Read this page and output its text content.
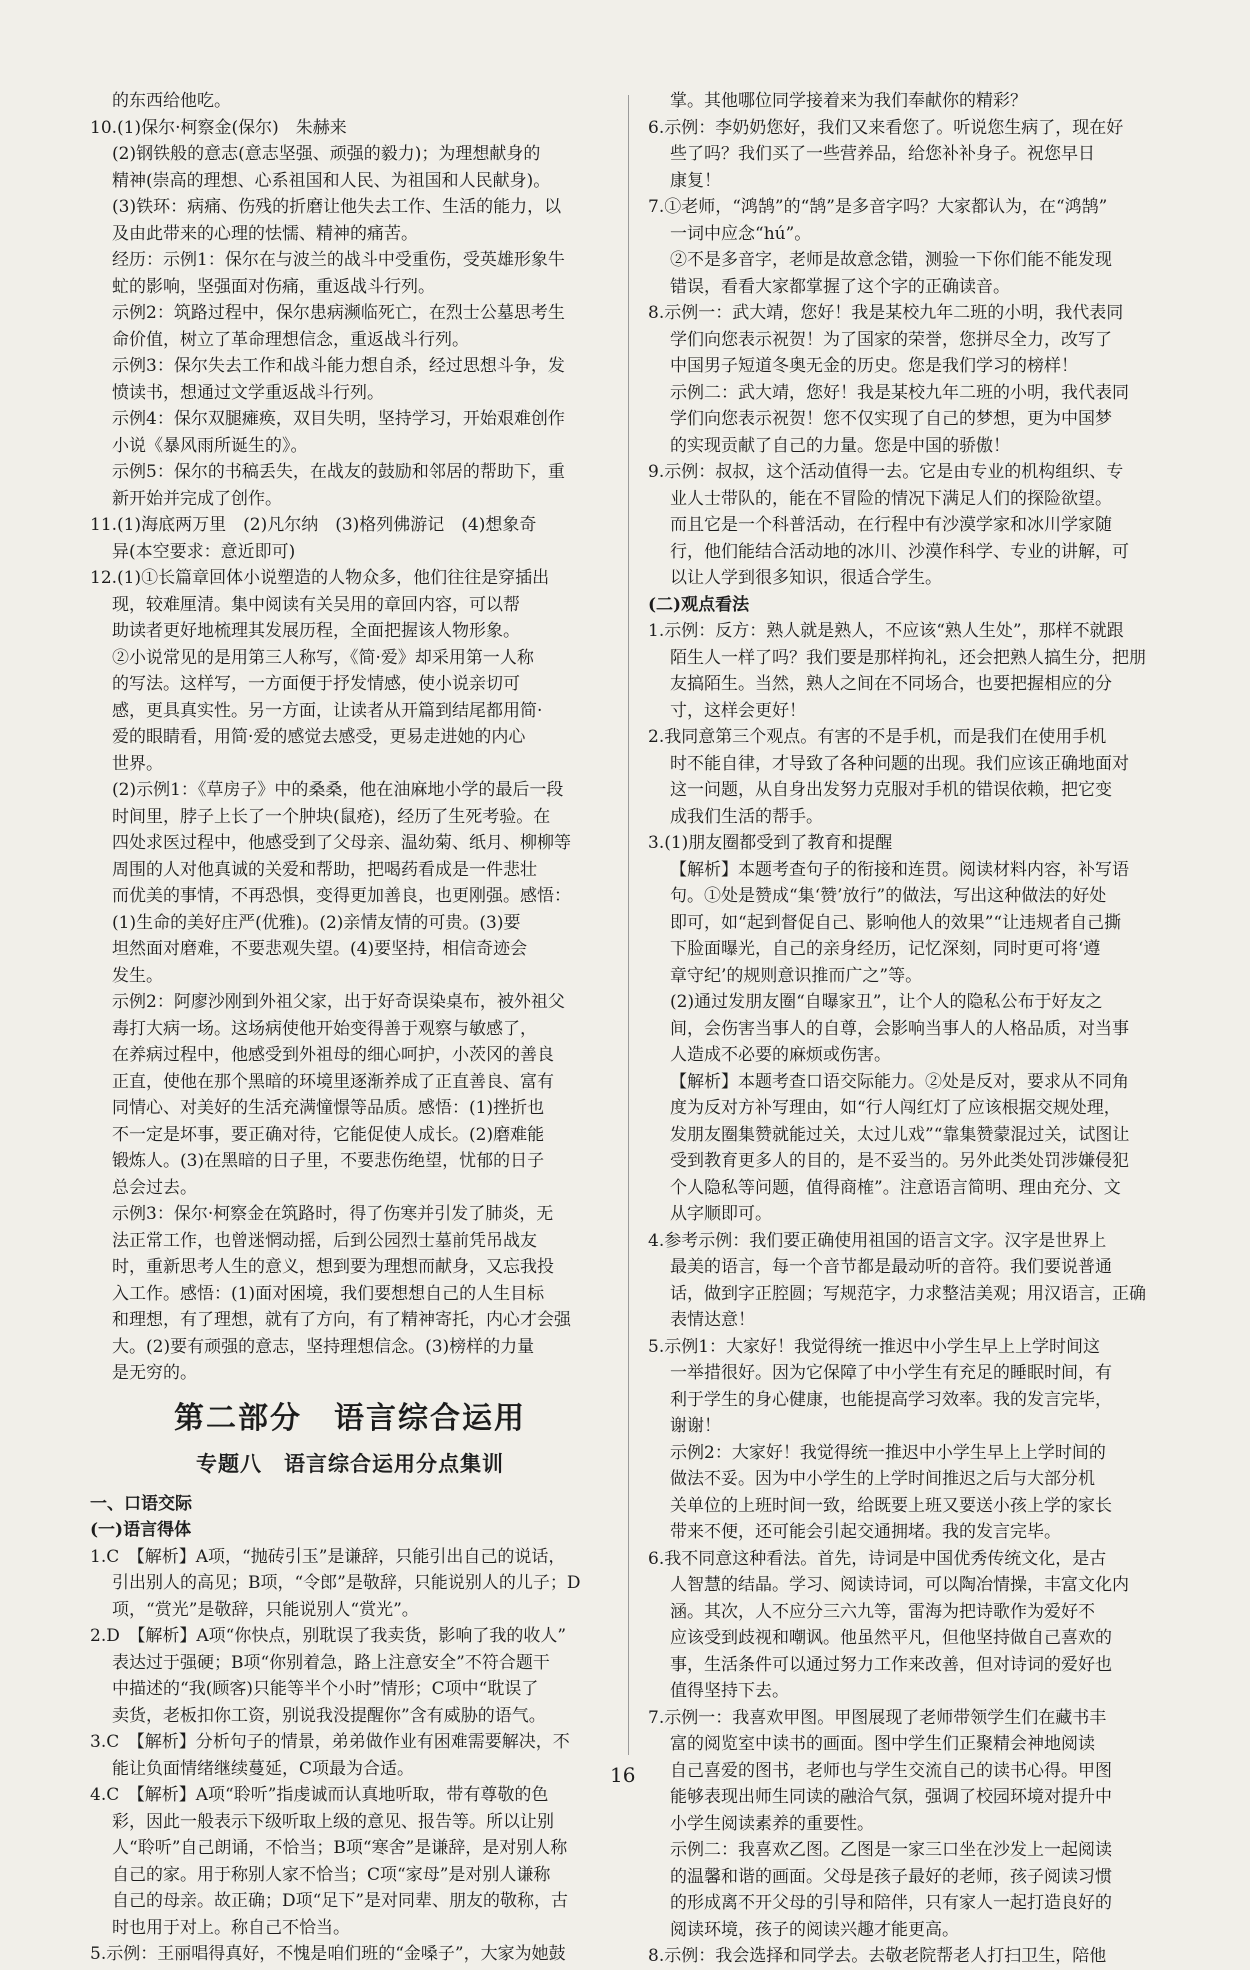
的东西给他吃。
10.(1)保尔·柯察金(保尔)　朱赫来
(2)钢铁般的意志(意志坚强、顽强的毅力)；为理想献身的
精神(崇高的理想、心系祖国和人民、为祖国和人民献身)。
(3)铁环：病痛、伤残的折磨让他失去工作、生活的能力，以
及由此带来的心理的怯懦、精神的痛苦。
经历：示例1：保尔在与波兰的战斗中受重伤，受英雄形象牛
虻的影响，坚强面对伤痛，重返战斗行列。
示例2：筑路过程中，保尔患病濒临死亡，在烈士公墓思考生
命价值，树立了革命理想信念，重返战斗行列。
示例3：保尔失去工作和战斗能力想自杀，经过思想斗争，发
愤读书，想通过文学重返战斗行列。
示例4：保尔双腿瘫痪，双目失明，坚持学习，开始艰难创作
小说《暴风雨所诞生的》。
示例5：保尔的书稿丢失，在战友的鼓励和邻居的帮助下，重
新开始并完成了创作。
11.(1)海底两万里　(2)凡尔纳　(3)格列佛游记　(4)想象奇
异(本空要求：意近即可)
12.(1)①长篇章回体小说塑造的人物众多，他们往往是穿插出
现，较难厘清。集中阅读有关吴用的章回内容，可以帮
助读者更好地梳理其发展历程，全面把握该人物形象。
②小说常见的是用第三人称写，《简·爱》却采用第一人称
的写法。这样写，一方面便于抒发情感，使小说亲切可
感，更具真实性。另一方面，让读者从开篇到结尾都用简·
爱的眼睛看，用简·爱的感觉去感受，更易走进她的内心
世界。
(2)示例1：《草房子》中的桑桑，他在油麻地小学的最后一段
时间里，脖子上长了一个肿块(鼠疮)，经历了生死考验。在
四处求医过程中，他感受到了父母亲、温幼菊、纸月、柳柳等
周围的人对他真诚的关爱和帮助，把喝药看成是一件悲壮
而优美的事情，不再恐惧，变得更加善良，也更刚强。感悟：
(1)生命的美好庄严(优雅)。(2)亲情友情的可贵。(3)要
坦然面对磨难，不要悲观失望。(4)要坚持，相信奇迹会
发生。
示例2：阿廖沙刚到外祖父家，出于好奇误染桌布，被外祖父
毒打大病一场。这场病使他开始变得善于观察与敏感了，
在养病过程中，他感受到外祖母的细心呵护，小茨冈的善良
正直，使他在那个黑暗的环境里逐渐养成了正直善良、富有
同情心、对美好的生活充满憧憬等品质。感悟：(1)挫折也
不一定是坏事，要正确对待，它能促使人成长。(2)磨难能
锻炼人。(3)在黑暗的日子里，不要悲伤绝望，忧郁的日子
总会过去。
示例3：保尔·柯察金在筑路时，得了伤寒并引发了肺炎，无
法正常工作，也曾迷惘动摇，后到公园烈士墓前凭吊战友
时，重新思考人生的意义，想到要为理想而献身，又忘我投
入工作。感悟：(1)面对困境，我们要想想自己的人生目标
和理想，有了理想，就有了方向，有了精神寄托，内心才会强
大。(2)要有顽强的意志，坚持理想信念。(3)榜样的力量
是无穷的。
第二部分　语言综合运用
专题八　语言综合运用分点集训
一、口语交际
(一)语言得体
1.C　【解析】A项，“抛砖引玉”是谦辞，只能引出自己的说话，
引出别人的高见；B项，“令郎”是敬辞，只能说别人的儿子；D
项，“赏光”是敬辞，只能说别人“赏光”。
2.D　【解析】A项“你快点，别耽误了我卖货，影响了我的收人”
表达过于强硬；B项“你别着急，路上注意安全”不符合题干
中描述的“我(顾客)只能等半个小时”情形；C项中“耽误了
卖货，老板扣你工资，别说我没提醒你”含有威胁的语气。
3.C　【解析】分析句子的情景，弟弟做作业有困难需要解决，不
能让负面情绪继续蔓延，C项最为合适。
4.C　【解析】A项“聆听”指虔诚而认真地听取，带有尊敬的色
彩，因此一般表示下级听取上级的意见、报告等。所以让别
人“聆听”自己朗诵，不恰当；B项“寒舍”是谦辞，是对别人称
自己的家。用于称别人家不恰当；C项“家母”是对别人谦称
自己的母亲。故正确；D项“足下”是对同辈、朋友的敬称，古
时也用于对上。称自己不恰当。
5.示例：王丽唱得真好，不愧是咱们班的“金嗓子”，大家为她鼓
掌。其他哪位同学接着来为我们奉献你的精彩？
6.示例：李奶奶您好，我们又来看您了。听说您生病了，现在好
些了吗？我们买了一些营养品，给您补补身子。祝您早日
康复！
7.①老师，“鸿鹄”的“鹄”是多音字吗？大家都认为，在“鸿鹄”
一词中应念“hú”。
②不是多音字，老师是故意念错，测验一下你们能不能发现
错误，看看大家都掌握了这个字的正确读音。
8.示例一：武大靖，您好！我是某校九年二班的小明，我代表同
学们向您表示祝贺！为了国家的荣誉，您拼尽全力，改写了
中国男子短道冬奥无金的历史。您是我们学习的榜样！
示例二：武大靖，您好！我是某校九年二班的小明，我代表同
学们向您表示祝贺！您不仅实现了自己的梦想，更为中国梦
的实现贡献了自己的力量。您是中国的骄傲！
9.示例：叔叔，这个活动值得一去。它是由专业的机构组织、专
业人士带队的，能在不冒险的情况下满足人们的探险欲望。
而且它是一个科普活动，在行程中有沙漠学家和冰川学家随
行，他们能结合活动地的冰川、沙漠作科学、专业的讲解，可
以让人学到很多知识，很适合学生。
(二)观点看法
1.示例：反方：熟人就是熟人，不应该“熟人生处”，那样不就跟
陌生人一样了吗？我们要是那样拘礼，还会把熟人搞生分，把朋
友搞陌生。当然，熟人之间在不同场合，也要把握相应的分
寸，这样会更好！
2.我同意第三个观点。有害的不是手机，而是我们在使用手机
时不能自律，才导致了各种问题的出现。我们应该正确地面对
这一问题，从自身出发努力克服对手机的错误依赖，把它变
成我们生活的帮手。
3.(1)朋友圈都受到了教育和提醒
【解析】本题考查句子的衔接和连贯。阅读材料内容，补写语
句。①处是赞成“集‘赞’放行”的做法，写出这种做法的好处
即可，如“起到督促自己、影响他人的效果”“让违规者自己撕
下脸面曝光，自己的亲身经历，记忆深刻，同时更可将‘遵
章守纪’的规则意识推而广之”等。
(2)通过发朋友圈“自曝家丑”，让个人的隐私公布于好友之
间，会伤害当事人的自尊，会影响当事人的人格品质，对当事
人造成不必要的麻烦或伤害。
【解析】本题考查口语交际能力。②处是反对，要求从不同角
度为反对方补写理由，如“行人闯红灯了应该根据交规处理，
发朋友圈集赞就能过关，太过儿戏”“靠集赞蒙混过关，试图让
受到教育更多人的目的，是不妥当的。另外此类处罚涉嫌侵犯
个人隐私等问题，值得商榷”。注意语言简明、理由充分、文
从字顺即可。
4.参考示例：我们要正确使用祖国的语言文字。汉字是世界上
最美的语言，每一个音节都是最动听的音符。我们要说普通
话，做到字正腔圆；写规范字，力求整洁美观；用汉语言，正确
表情达意！
5.示例1：大家好！我觉得统一推迟中小学生早上上学时间这
一举措很好。因为它保障了中小学生有充足的睡眠时间，有
利于学生的身心健康，也能提高学习效率。我的发言完毕，
谢谢！
示例2：大家好！我觉得统一推迟中小学生早上上学时间的
做法不妥。因为中小学生的上学时间推迟之后与大部分机
关单位的上班时间一致，给既要上班又要送小孩上学的家长
带来不便，还可能会引起交通拥堵。我的发言完毕。
6.我不同意这种看法。首先，诗词是中国优秀传统文化，是古
人智慧的结晶。学习、阅读诗词，可以陶冶情操，丰富文化内
涵。其次，人不应分三六九等，雷海为把诗歌作为爱好不
应该受到歧视和嘲讽。他虽然平凡，但他坚持做自己喜欢的
事，生活条件可以通过努力工作来改善，但对诗词的爱好也
值得坚持下去。
7.示例一：我喜欢甲图。甲图展现了老师带领学生们在藏书丰
富的阅览室中读书的画面。图中学生们正聚精会神地阅读
自己喜爱的图书，老师也与学生交流自己的读书心得。甲图
能够表现出师生同读的融洽气氛，强调了校园环境对提升中
小学生阅读素养的重要性。
示例二：我喜欢乙图。乙图是一家三口坐在沙发上一起阅读
的温馨和谐的画面。父母是孩子最好的老师，孩子阅读习惯
的形成离不开父母的引导和陪伴，只有家人一起打造良好的
阅读环境，孩子的阅读兴趣才能更高。
8.示例：我会选择和同学去。去敬老院帮老人打扫卫生，陪他
16
